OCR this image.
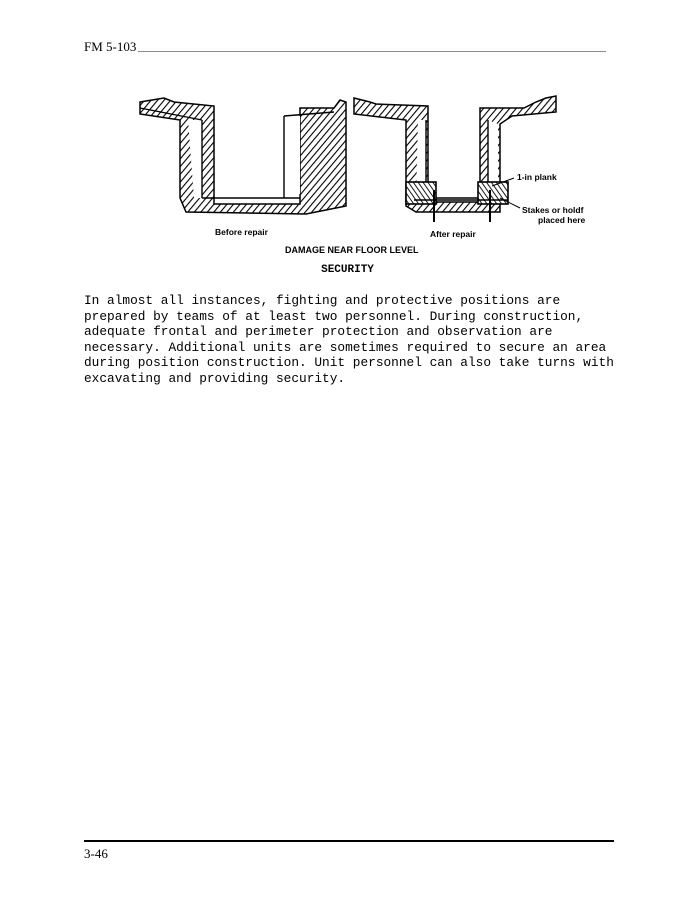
FM 5-103
Before repair	After repair
1-in plank
Stakes or holdf
placed here
DAMAGE NEAR FLOOR LEVEL
SECURITY

In almost all instances, fighting and protective positions are prepared by teams of at least two personnel. During construction, adequate frontal and perimeter protection and observation are necessary. Additional units are sometimes required to secure an area during position construction. Unit personnel can also take turns with excavating and providing security.

3-46
